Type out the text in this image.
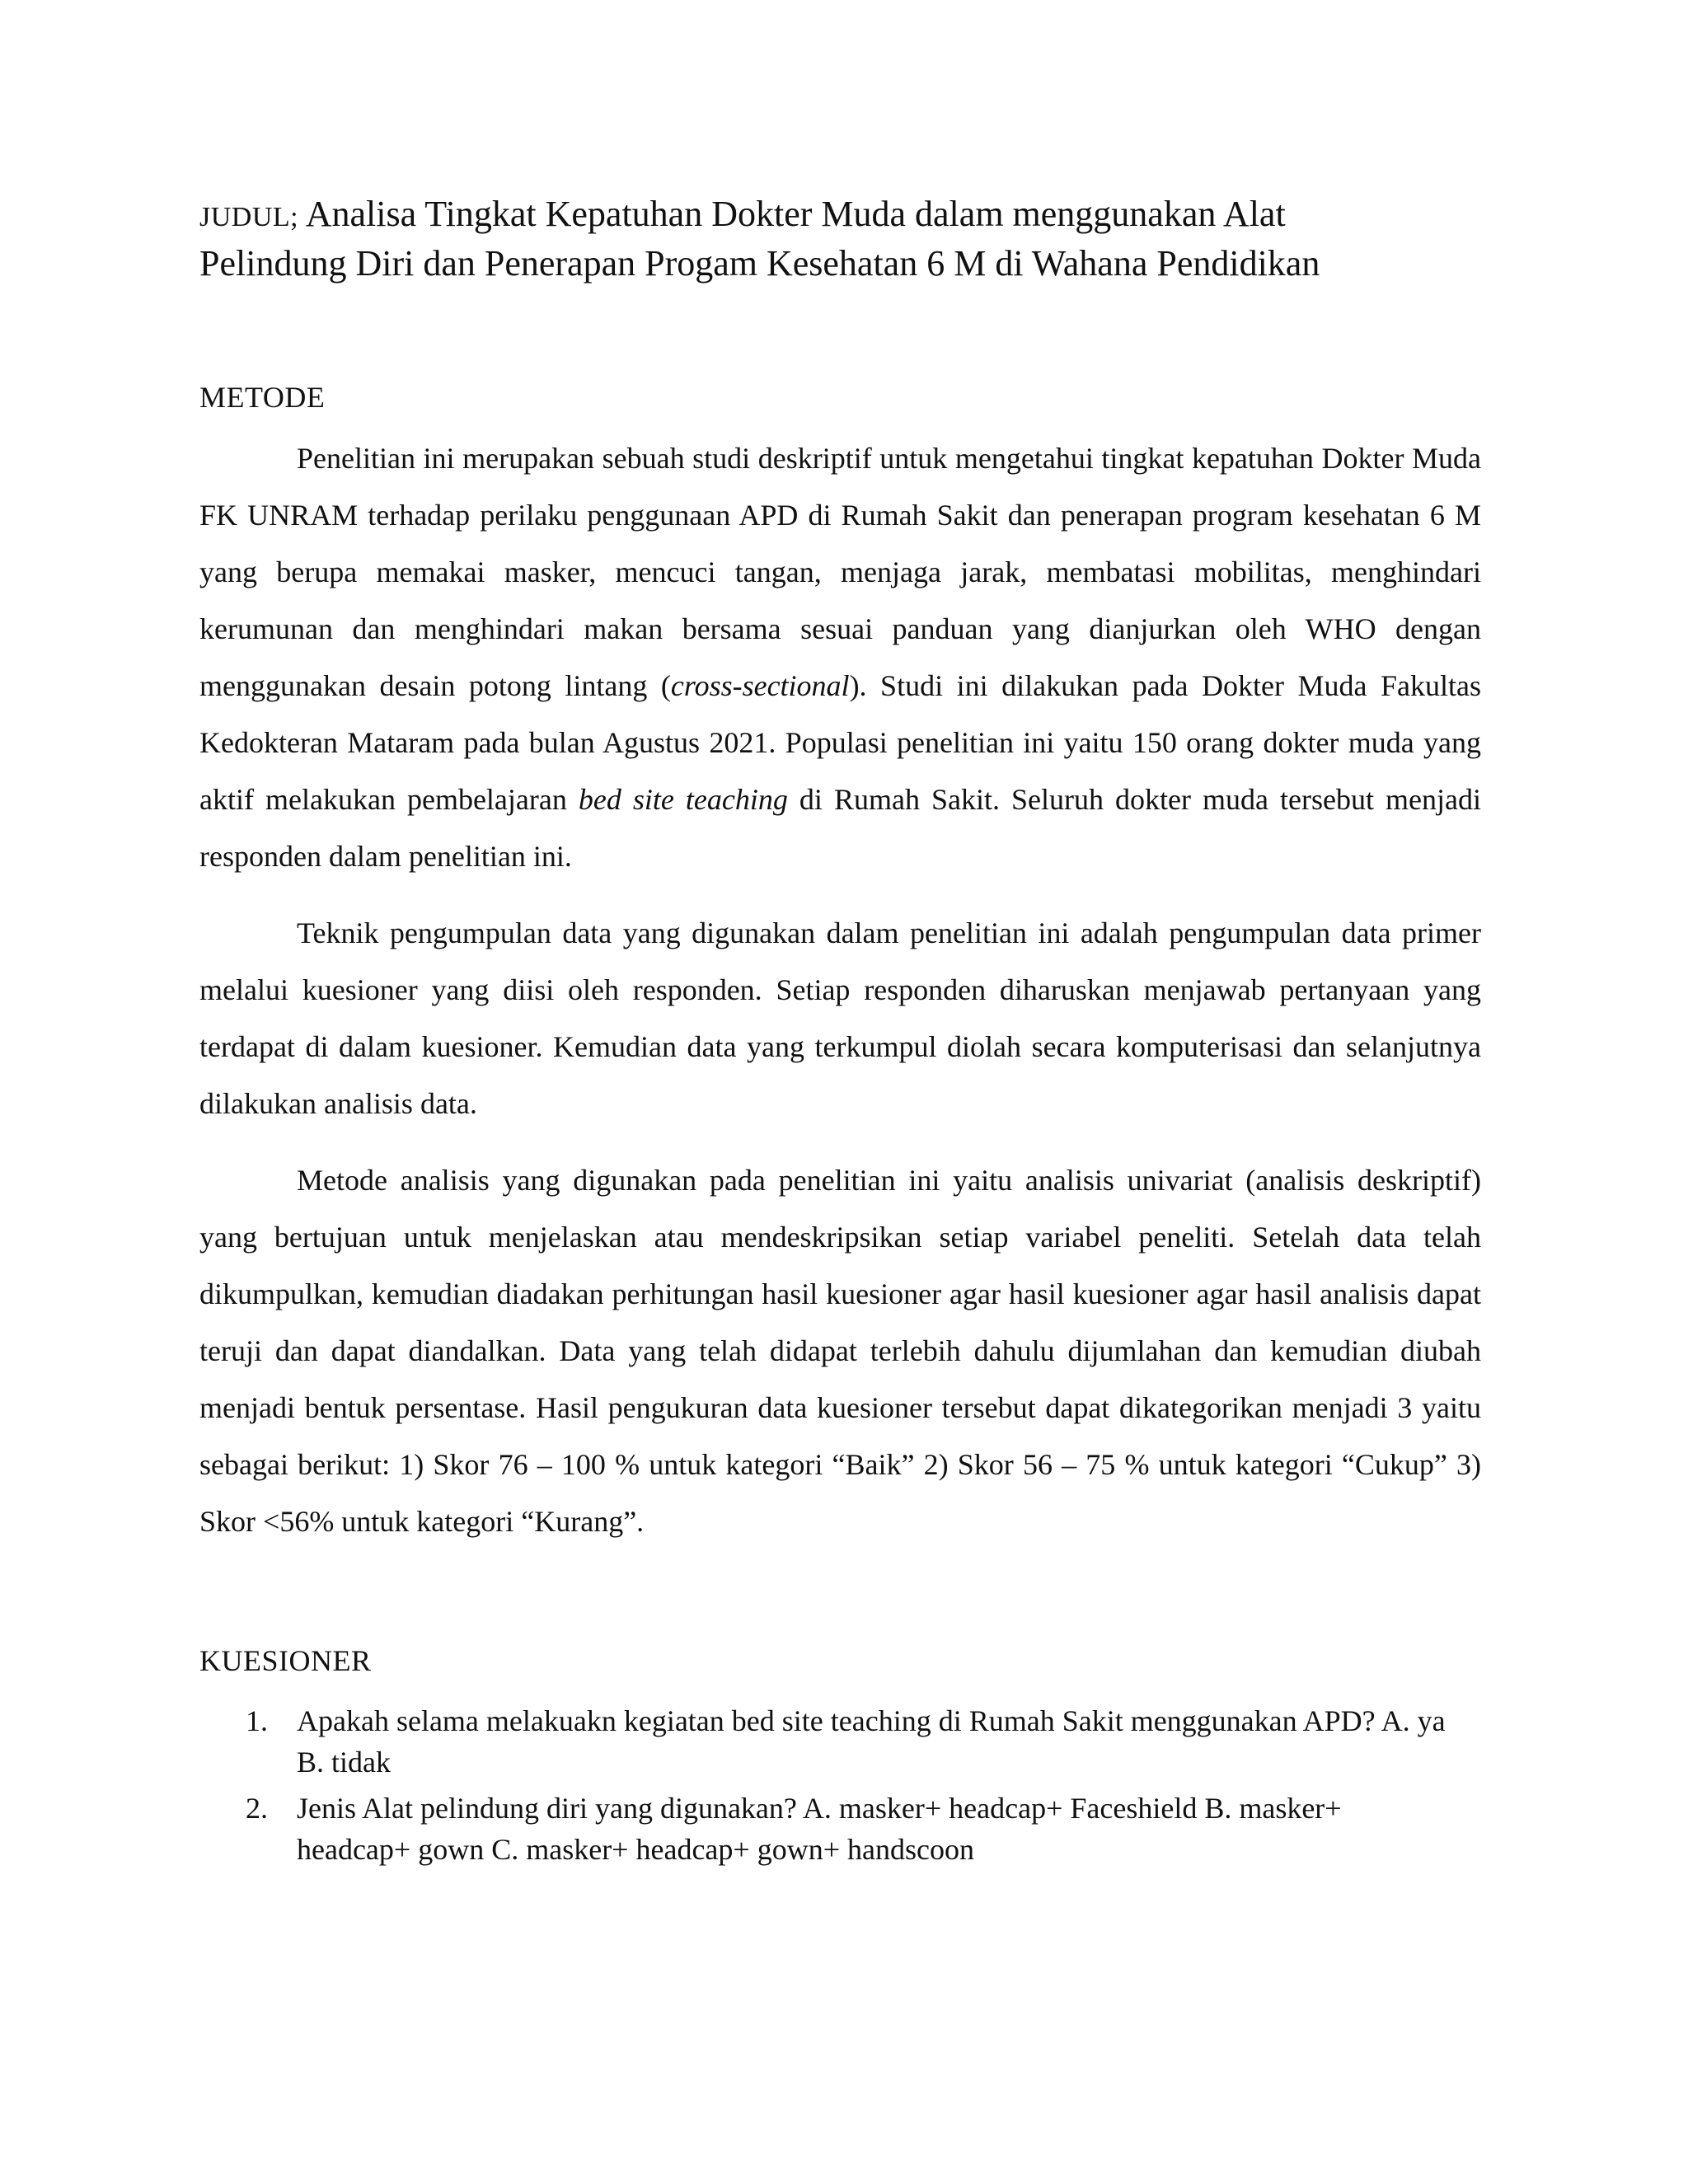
JUDUL; Analisa Tingkat Kepatuhan Dokter Muda dalam menggunakan Alat
Pelindung Diri dan Penerapan Progam Kesehatan 6 M di Wahana Pendidikan
METODE

Penelitian ini merupakan sebuah studi deskriptif untuk mengetahui tingkat kepatuhan Dokter Muda FK UNRAM terhadap perilaku penggunaan APD di Rumah Sakit dan penerapan program kesehatan 6 M yang berupa memakai masker, mencuci tangan, menjaga jarak, membatasi mobilitas, menghindari kerumunan dan menghindari makan bersama sesuai panduan yang dianjurkan oleh WHO dengan menggunakan desain potong lintang (cross-sectional). Studi ini dilakukan pada Dokter Muda Fakultas Kedokteran Mataram pada bulan Agustus 2021. Populasi penelitian ini yaitu 150 orang dokter muda yang aktif melakukan pembelajaran bed site teaching di Rumah Sakit. Seluruh dokter muda tersebut menjadi responden dalam penelitian ini.

Teknik pengumpulan data yang digunakan dalam penelitian ini adalah pengumpulan data primer melalui kuesioner yang diisi oleh responden. Setiap responden diharuskan menjawab pertanyaan yang terdapat di dalam kuesioner. Kemudian data yang terkumpul diolah secara komputerisasi dan selanjutnya dilakukan analisis data.

Metode analisis yang digunakan pada penelitian ini yaitu analisis univariat (analisis deskriptif) yang bertujuan untuk menjelaskan atau mendeskripsikan setiap variabel peneliti. Setelah data telah dikumpulkan, kemudian diadakan perhitungan hasil kuesioner agar hasil kuesioner agar hasil analisis dapat teruji dan dapat diandalkan. Data yang telah didapat terlebih dahulu dijumlahan dan kemudian diubah menjadi bentuk persentase. Hasil pengukuran data kuesioner tersebut dapat dikategorikan menjadi 3 yaitu sebagai berikut: 1) Skor 76 – 100 % untuk kategori “Baik” 2) Skor 56 – 75 % untuk kategori “Cukup” 3) Skor <56% untuk kategori “Kurang”.

KUESIONER
1. Apakah selama melakuakn kegiatan bed site teaching di Rumah Sakit menggunakan APD? A. ya B. tidak
2. Jenis Alat pelindung diri yang digunakan? A. masker+ headcap+ Faceshield B. masker+ headcap+ gown C. masker+ headcap+ gown+ handscoon
